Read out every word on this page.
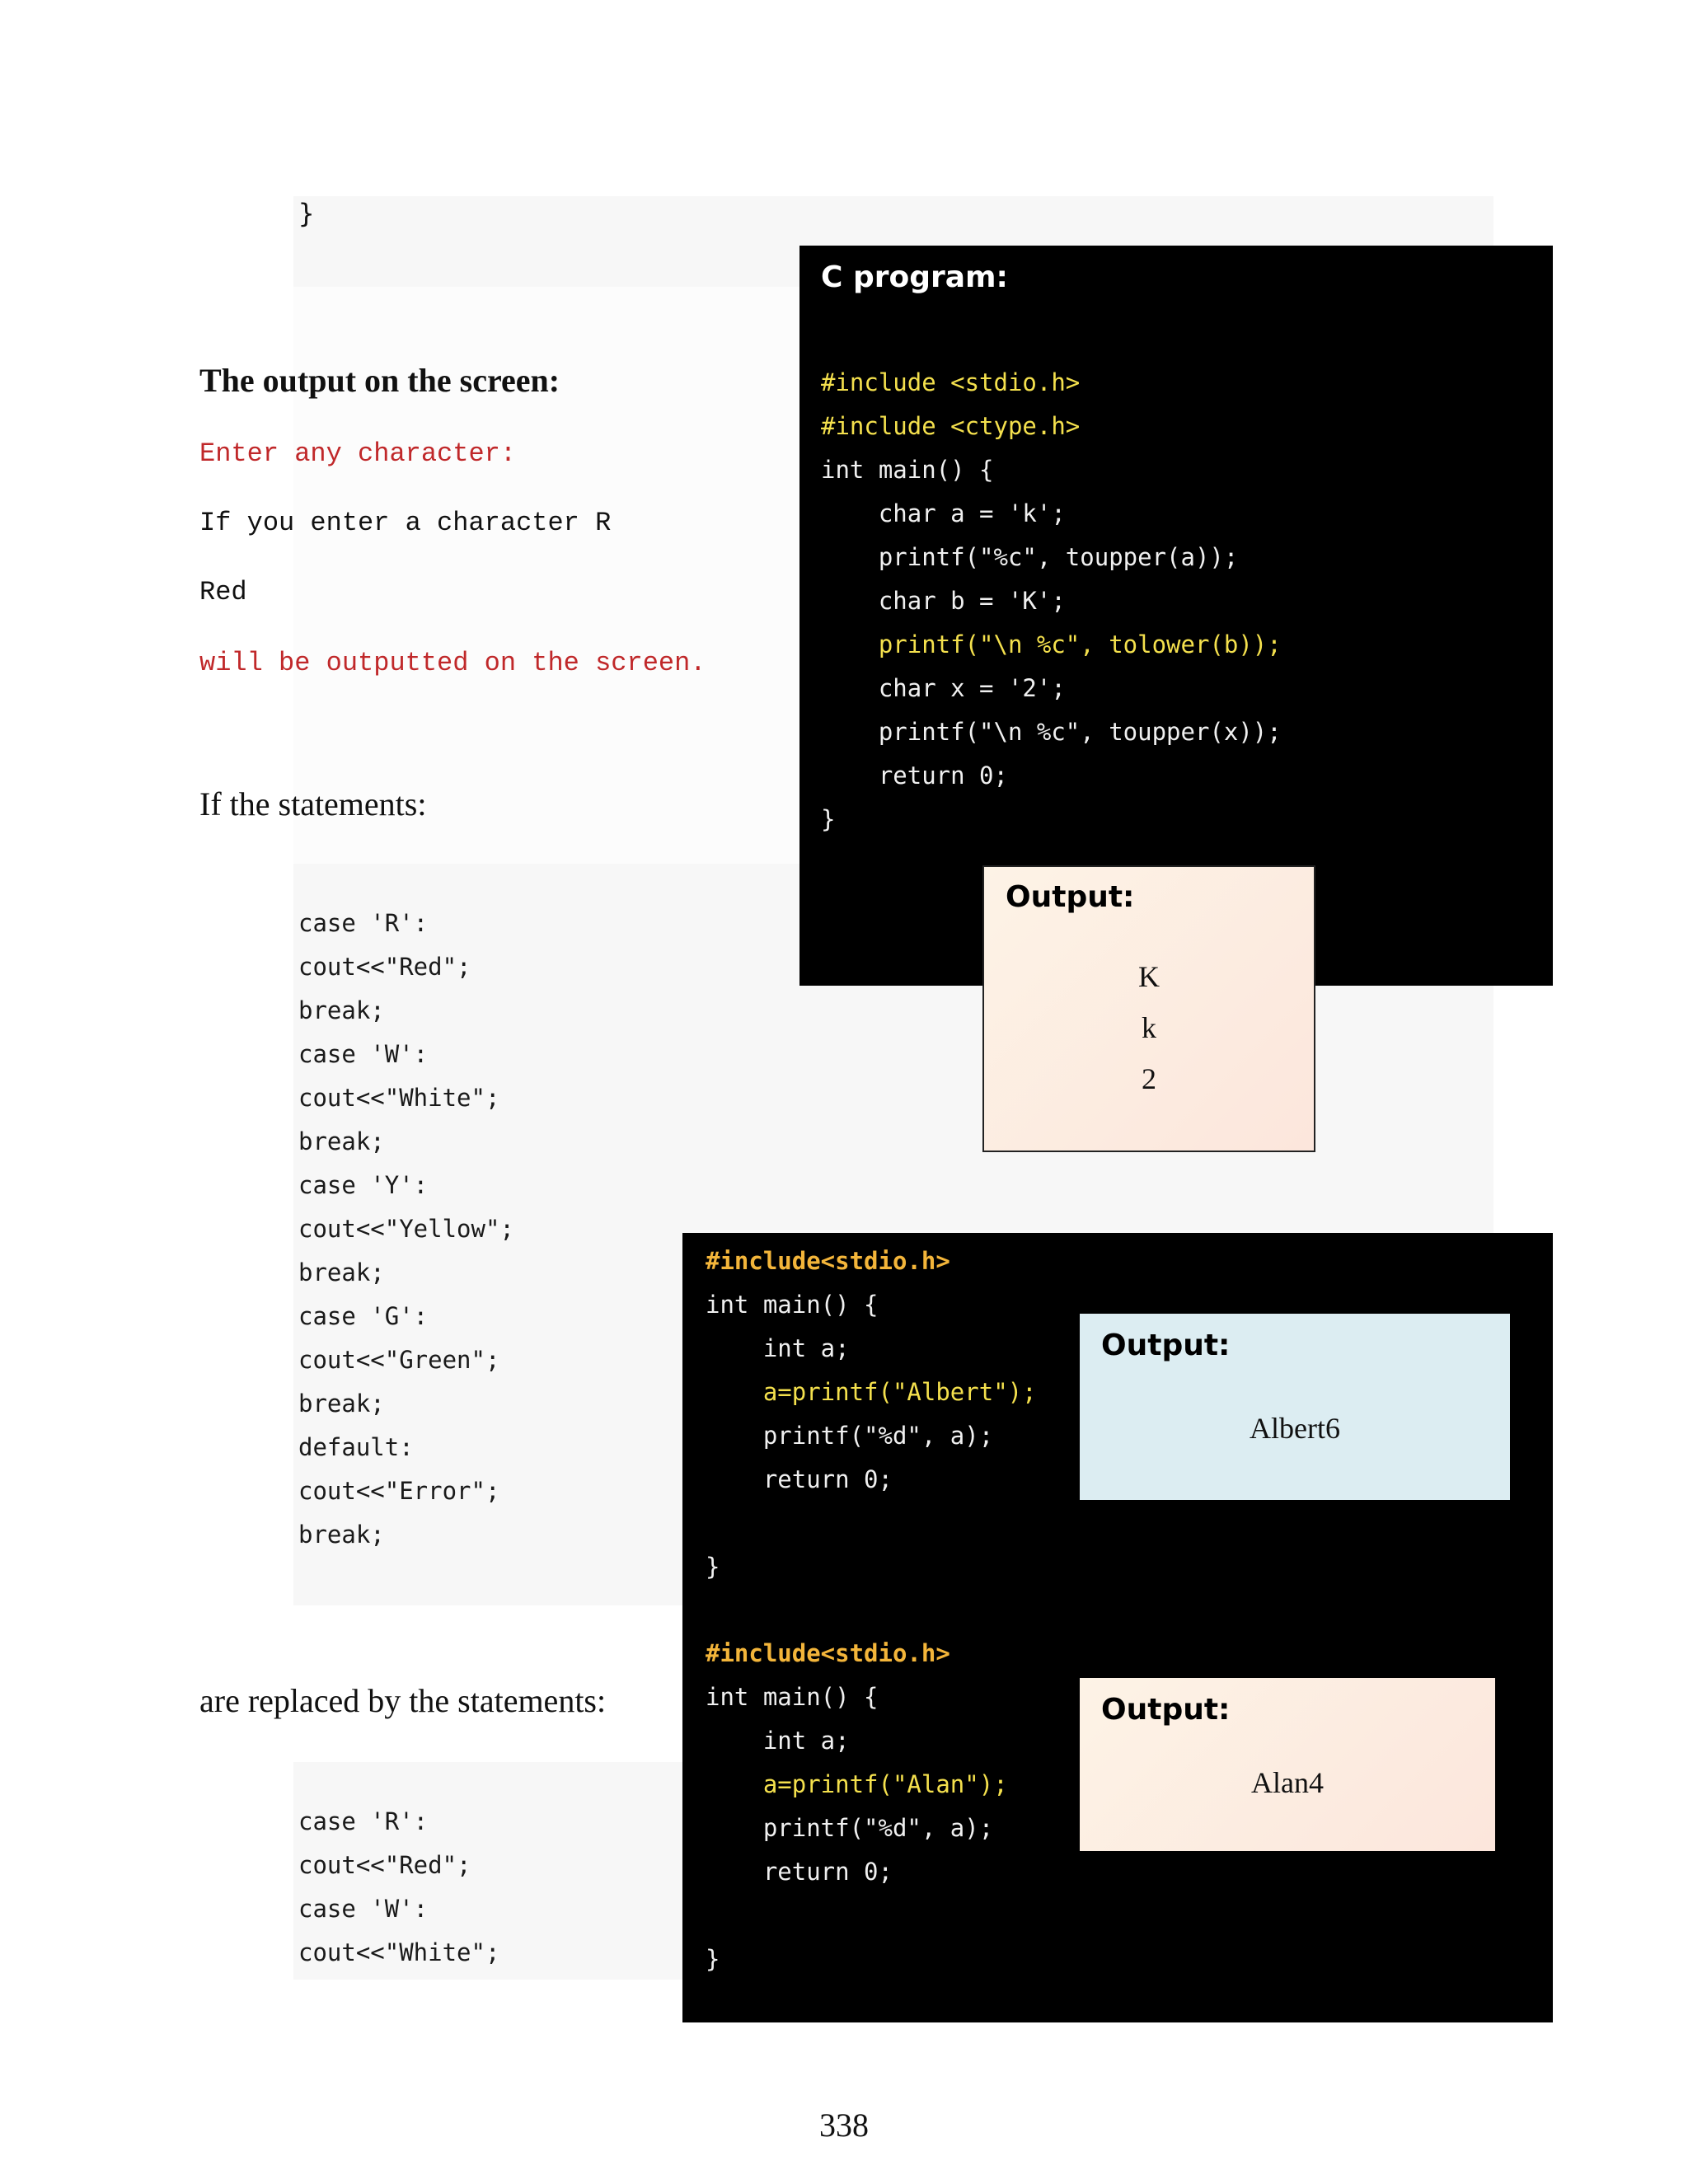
}
The output on the screen:
Enter any character:
If you enter a character R
Red
will be outputted on the screen.
If the statements:
case 'R':
cout<<"Red";
break;
case 'W':
cout<<"White";
break;
case 'Y':
cout<<"Yellow";
break;
case 'G':
cout<<"Green";
break;
default:
cout<<"Error";
break;
are replaced by the statements:
case 'R':
cout<<"Red";
case 'W':
cout<<"White";
C program:
#include <stdio.h>
#include <ctype.h>
int main() {
char a = 'k';
printf("%c", toupper(a));
char b = 'K';
printf("\n %c", tolower(b));
char x = '2';
printf("\n %c", toupper(x));
return 0;
}
Output:
K
k
2
#include<stdio.h>
int main() {
int a;
a=printf("Albert");
printf("%d", a);
return 0;

}
#include<stdio.h>
int main() {
int a;
a=printf("Alan");
printf("%d", a);
return 0;

}
Output:
Albert6
Output:
Alan4
338
